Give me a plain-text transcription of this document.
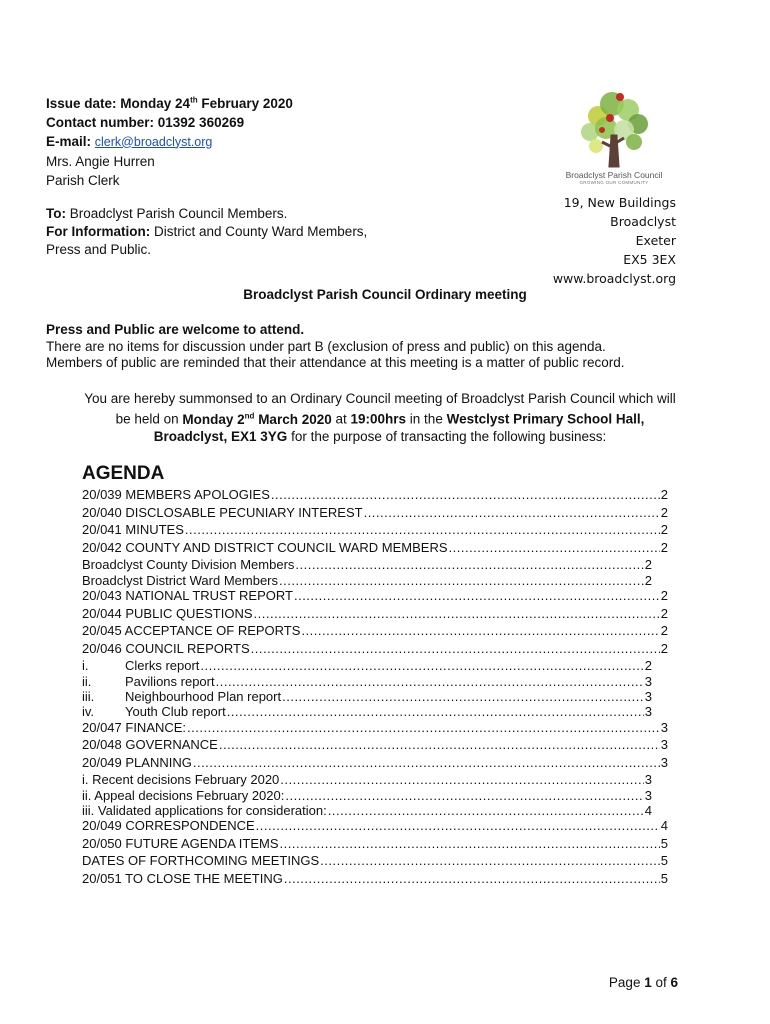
Issue date: Monday 24th February 2020
Contact number: 01392 360269
E-mail: clerk@broadclyst.org
Mrs. Angie Hurren
Parish Clerk	Broadclyst Parish Council
GROWING OUR COMMUNITY
19, New Buildings
Broadclyst
Exeter
EX5 3EX
www.broadclyst.org
To: Broadclyst Parish Council Members.
For Information: District and County Ward Members,
Press and Public.
Broadclyst Parish Council Ordinary meeting
Press and Public are welcome to attend.
There are no items for discussion under part B (exclusion of press and public) on this agenda.
Members of public are reminded that their attendance at this meeting is a matter of public record.
You are hereby summonsed to an Ordinary Council meeting of Broadclyst Parish Council which will
be held on Monday 2nd March 2020 at 19:00hrs in the Westclyst Primary School Hall,
Broadclyst, EX1 3YG for the purpose of transacting the following business:
AGENDA
20/039 MEMBERS APOLOGIES .....	2
20/040 DISCLOSABLE PECUNIARY INTEREST .....	2
20/041 MINUTES .....	2
20/042 COUNTY AND DISTRICT COUNCIL WARD MEMBERS .....	2
Broadclyst County Division Members .....	2
Broadclyst District Ward Members .....	2
20/043 NATIONAL TRUST REPORT .....	2
20/044 PUBLIC QUESTIONS .....	2
20/045 ACCEPTANCE OF REPORTS .....	2
20/046 COUNCIL REPORTS .....	2
i.	Clerks report .....	2
ii.	Pavilions report .....	3
iii.	Neighbourhood Plan report .....	3
iv.	Youth Club report .....	3
20/047 FINANCE: .....	3
20/048 GOVERNANCE .....	3
20/049 PLANNING .....	3
i. Recent decisions February 2020 .....	3
ii. Appeal decisions February 2020: .....	3
iii. Validated applications for consideration: .....	4
20/049 CORRESPONDENCE .....	4
20/050 FUTURE AGENDA ITEMS .....	5
DATES OF FORTHCOMING MEETINGS .....	5
20/051 TO CLOSE THE MEETING .....	5
Page 1 of 6
